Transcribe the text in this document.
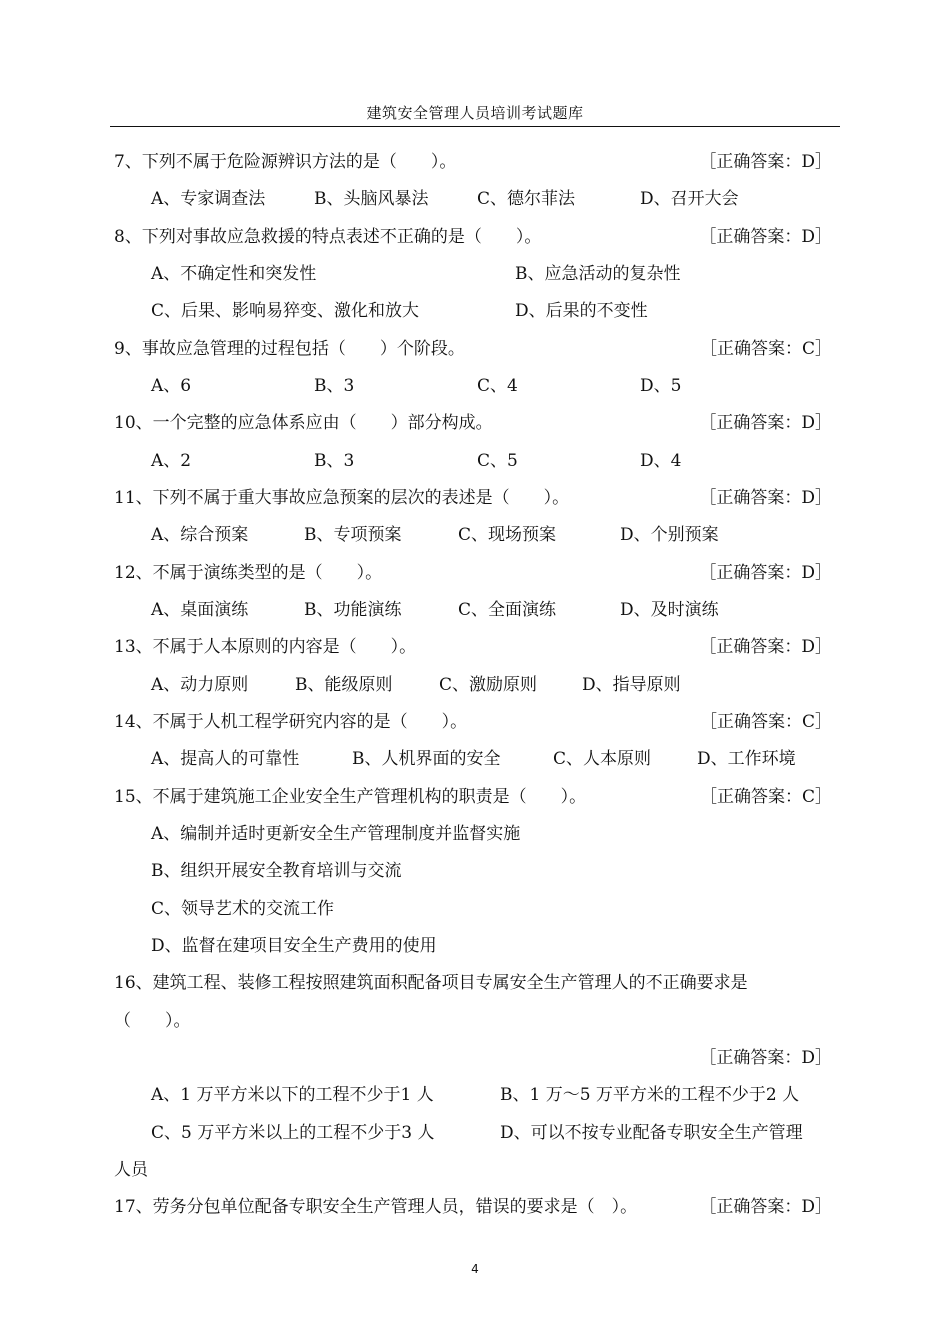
建筑安全管理人员培训考试题库
7、下列不属于危险源辨识方法的是（　　）。	［正确答案：D］
A、专家调查法	B、头脑风暴法	C、德尔菲法	D、召开大会
8、下列对事故应急救援的特点表述不正确的是（　　）。	［正确答案：D］
A、不确定性和突发性	B、应急活动的复杂性
C、后果、影响易猝变、激化和放大	D、后果的不变性
9、事故应急管理的过程包括（　　）个阶段。	［正确答案：C］
A、6	B、3	C、4	D、5
10、一个完整的应急体系应由（　　）部分构成。	［正确答案：D］
A、2	B、3	C、5	D、4
11、下列不属于重大事故应急预案的层次的表述是（　　）。	［正确答案：D］
A、综合预案	B、专项预案	C、现场预案	D、个别预案
12、不属于演练类型的是（　　）。	［正确答案：D］
A、桌面演练	B、功能演练	C、全面演练	D、及时演练
13、不属于人本原则的内容是（　　）。	［正确答案：D］
A、动力原则	B、能级原则	C、激励原则	D、指导原则
14、不属于人机工程学研究内容的是（　　）。	［正确答案：C］
A、提高人的可靠性	B、人机界面的安全	C、人本原则	D、工作环境
15、不属于建筑施工企业安全生产管理机构的职责是（　　）。	［正确答案：C］
A、编制并适时更新安全生产管理制度并监督实施
B、组织开展安全教育培训与交流
C、领导艺术的交流工作
D、监督在建项目安全生产费用的使用
16、建筑工程、装修工程按照建筑面积配备项目专属安全生产管理人的不正确要求是
（　　）。
［正确答案：D］
A、1 万平方米以下的工程不少于1 人	B、1 万～5 万平方米的工程不少于2 人
C、5 万平方米以上的工程不少于3 人	D、可以不按专业配备专职安全生产管理
人员
17、劳务分包单位配备专职安全生产管理人员，错误的要求是（　）。	［正确答案：D］
4
